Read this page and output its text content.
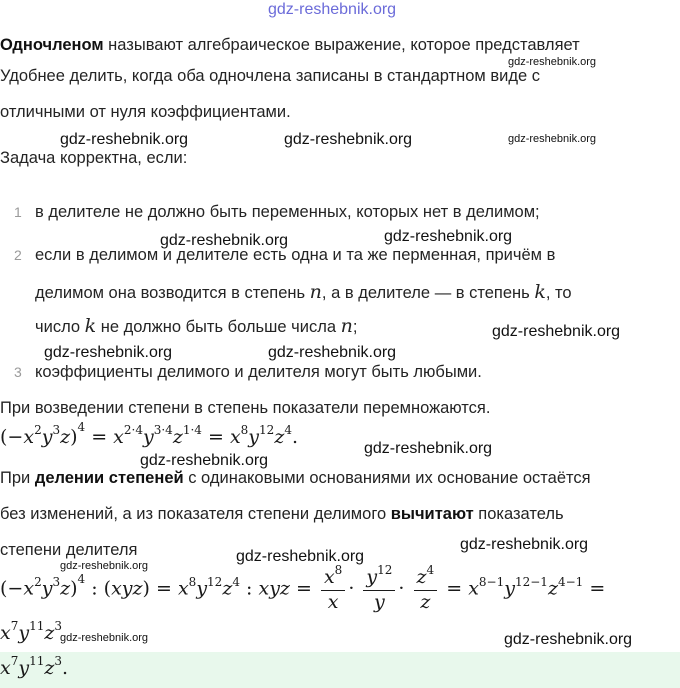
gdz-reshebnik.org
Одночленом называют алгебраическое выражение, которое представляет
Удобнее делить, когда оба одночлена записаны в стандартном виде с
отличными от нуля коэффициентами.
Задача корректна, если:
1 в делителе не должно быть переменных, которых нет в делимом;
2 если в делимом и делителе есть одна и та же перменная, причём в
делимом она возводится в степень n, а в делителе — в степень k, то
число k не должно быть больше числа n;
3 коэффициенты делимого и делителя могут быть любыми.
При возведении степени в степень показатели перемножаются.
$(-x^2y^3z)^4 = x^{2\cdot 4}y^{3\cdot 4}z^{1\cdot 4} = x^8y^{12}z^4$.
При делении степеней с одинаковыми основаниями их основание остаётся
без изменений, а из показателя степени делимого вычитают показатель
степени делителя
$(-x^2y^3z)^4$ : $(xyz) = x^8y^{12}z^4$ : xyz = $\frac{x^8}{x} \cdot \frac{y^{12}}{y} \cdot \frac{z^4}{z} = x^{8-1}y^{12-1}z^{4-1}$ =
$x^7y^{11}z^3$
$x^7y^{11}z^3$.
gdz-reshebnik.org
gdz-reshebnik.org	gdz-reshebnik.org	gdz-reshebnik.org
gdz-reshebnik.org	gdz-reshebnik.org
gdz-reshebnik.org
gdz-reshebnik.org	gdz-reshebnik.org
gdz-reshebnik.org
gdz-reshebnik.org
gdz-reshebnik.org
gdz-reshebnik.org
gdz-reshebnik.org
gdz-reshebnik.org	gdz-reshebnik.org
